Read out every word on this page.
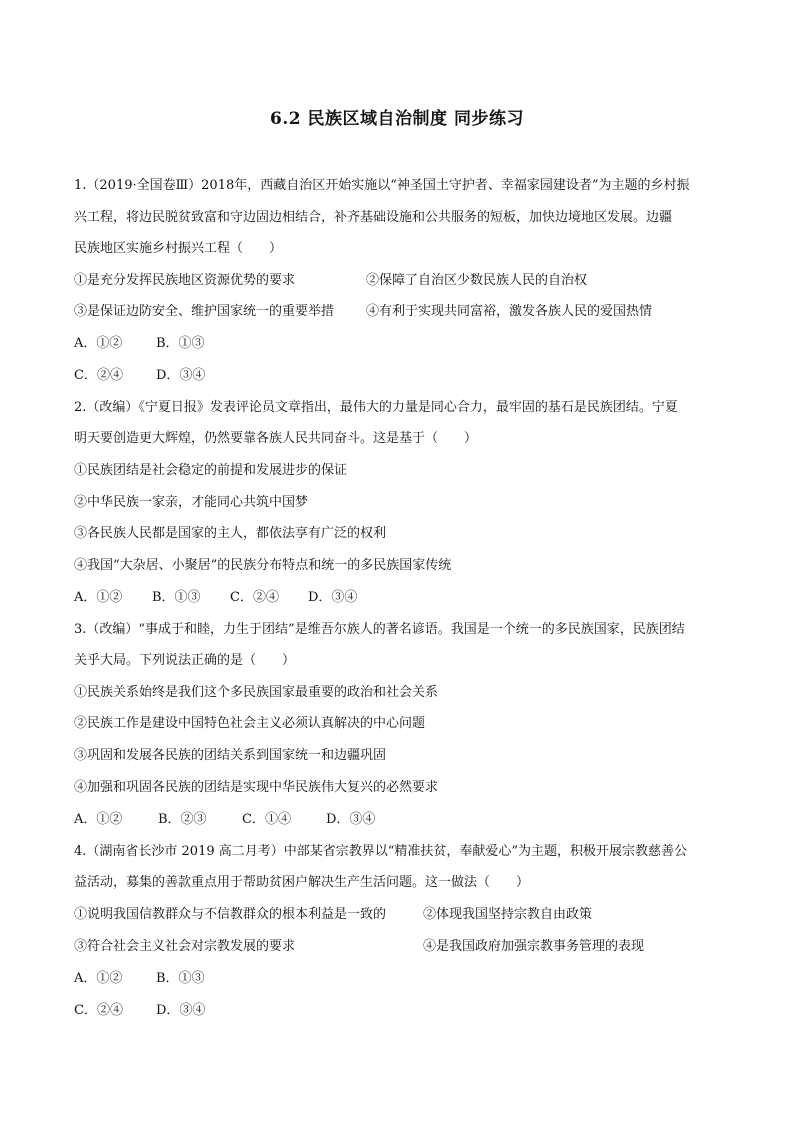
6.2 民族区域自治制度 同步练习
1.（2019·全国卷Ⅲ）2018年，西藏自治区开始实施以“神圣国土守护者、幸福家园建设者”为主题的乡村振
兴工程，将边民脱贫致富和守边固边相结合，补齐基础设施和公共服务的短板，加快边境地区发展。边疆
民族地区实施乡村振兴工程（　　）
①是充分发挥民族地区资源优势的要求	②保障了自治区少数民族人民的自治权
③是保证边防安全、维护国家统一的重要举措 ④有利于实现共同富裕，激发各族人民的爱国热情
A．①②	B．①③
C．②④	D．③④
2.（改编）《宁夏日报》发表评论员文章指出，最伟大的力量是同心合力，最牢固的基石是民族团结。宁夏
明天要创造更大辉煌，仍然要靠各族人民共同奋斗。这是基于（　　）
①民族团结是社会稳定的前提和发展进步的保证
②中华民族一家亲，才能同心共筑中国梦
③各民族人民都是国家的主人，都依法享有广泛的权利
④我国“大杂居、小聚居”的民族分布特点和统一的多民族国家传统
A．①② B．①③ C．②④ D．③④
3.（改编）“事成于和睦，力生于团结”是维吾尔族人的著名谚语。我国是一个统一的多民族国家，民族团结
关乎大局。下列说法正确的是（　　）
①民族关系始终是我们这个多民族国家最重要的政治和社会关系
②民族工作是建设中国特色社会主义必须认真解决的中心问题
③巩固和发展各民族的团结关系到国家统一和边疆巩固
④加强和巩固各民族的团结是实现中华民族伟大复兴的必然要求
A．①②	B．②③	C．①④	D．③④
4.（湖南省长沙市 2019 高二月考）中部某省宗教界以“精准扶贫，奉献爱心”为主题，积极开展宗教慈善公
益活动，募集的善款重点用于帮助贫困户解决生产生活问题。这一做法（　　）
①说明我国信教群众与不信教群众的根本利益是一致的	②体现我国坚持宗教自由政策
③符合社会主义社会对宗教发展的要求	④是我国政府加强宗教事务管理的表现
A．①②	B．①③
C．②④	D．③④
